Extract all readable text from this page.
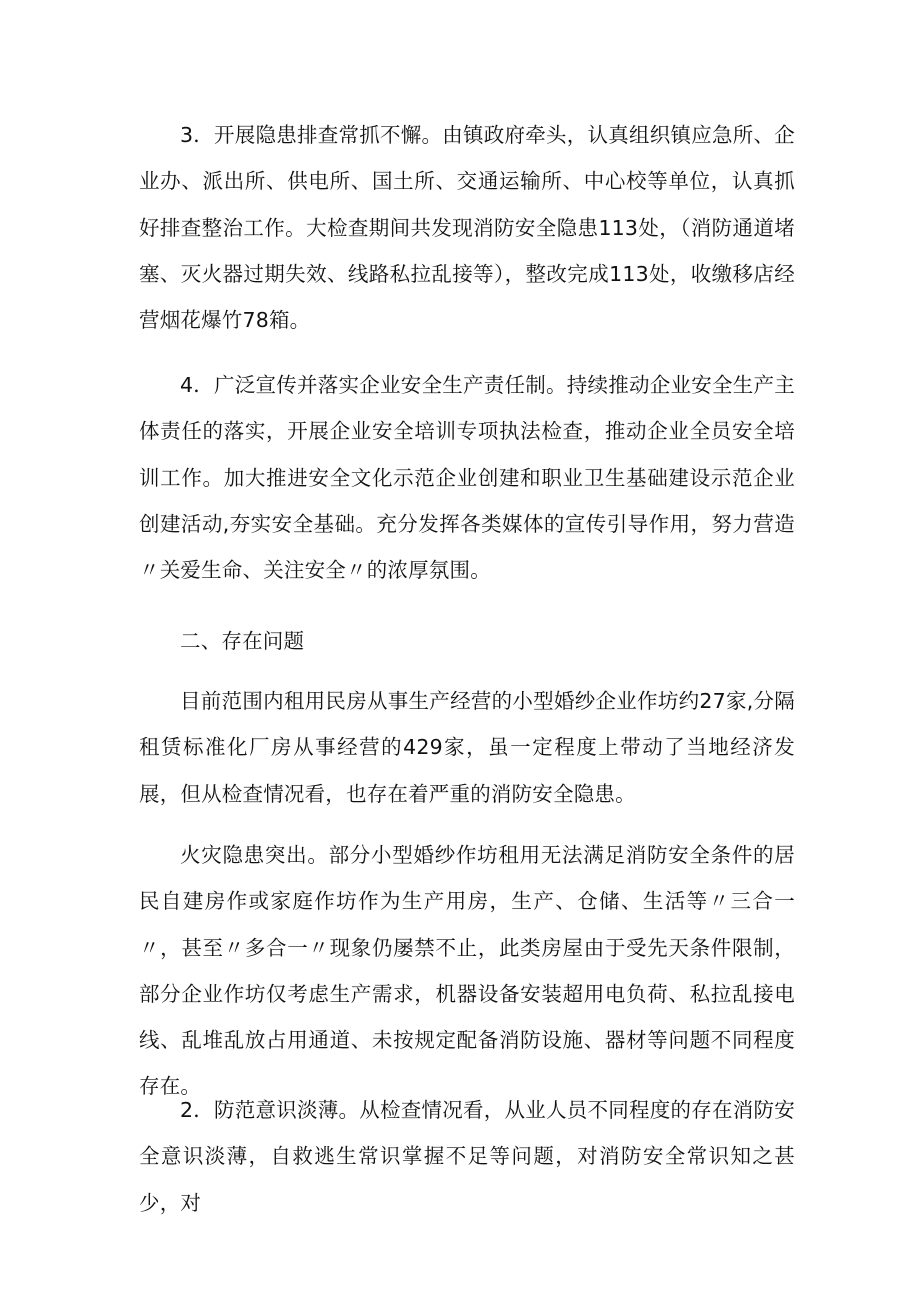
3．开展隐患排查常抓不懈。由镇政府牵头，认真组织镇应急所、企业办、派出所、供电所、国土所、交通运输所、中心校等单位，认真抓好排查整治工作。大检查期间共发现消防安全隐患113处，（消防通道堵塞、灭火器过期失效、线路私拉乱接等），整改完成113处，收缴移店经营烟花爆竹78箱。

4．广泛宣传并落实企业安全生产责任制。持续推动企业安全生产主体责任的落实，开展企业安全培训专项执法检查，推动企业全员安全培训工作。加大推进安全文化示范企业创建和职业卫生基础建设示范企业创建活动,夯实安全基础。充分发挥各类媒体的宣传引导作用，努力营造〃关爱生命、关注安全〃的浓厚氛围。

二、存在问题

目前范围内租用民房从事生产经营的小型婚纱企业作坊约27家,分隔租赁标准化厂房从事经营的429家，虽一定程度上带动了当地经济发展，但从检查情况看，也存在着严重的消防安全隐患。

火灾隐患突出。部分小型婚纱作坊租用无法满足消防安全条件的居民自建房作或家庭作坊作为生产用房，生产、仓储、生活等〃三合一〃，甚至〃多合一〃现象仍屡禁不止，此类房屋由于受先天条件限制，部分企业作坊仅考虑生产需求，机器设备安装超用电负荷、私拉乱接电线、乱堆乱放占用通道、未按规定配备消防设施、器材等问题不同程度存在。

2．防范意识淡薄。从检查情况看，从业人员不同程度的存在消防安全意识淡薄，自救逃生常识掌握不足等问题，对消防安全常识知之甚少，对
